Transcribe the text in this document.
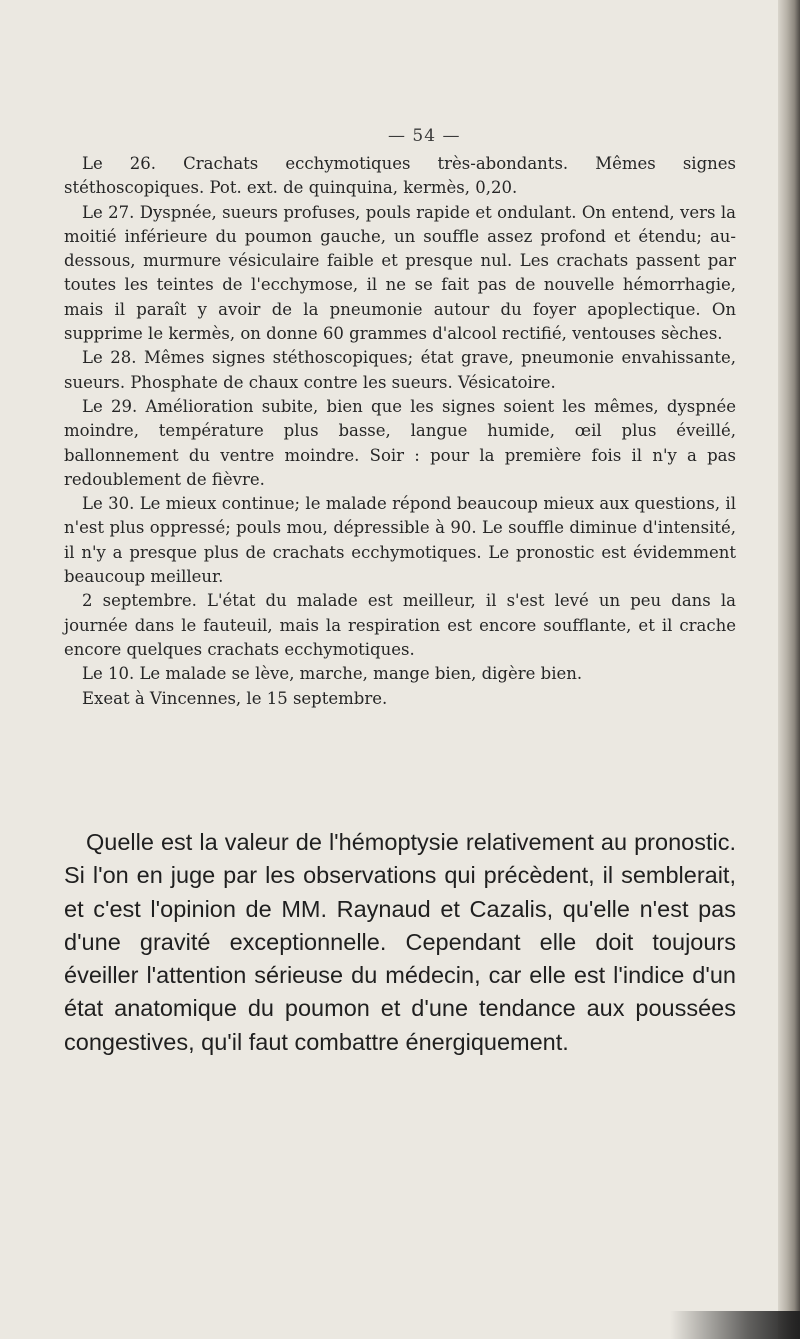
— 54 —

Le 26. Crachats ecchymotiques très-abondants. Mêmes signes stéthoscopiques. Pot. ext. de quinquina, kermès, 0,20.

Le 27. Dyspnée, sueurs profuses, pouls rapide et ondulant. On entend, vers la moitié inférieure du poumon gauche, un souffle assez profond et étendu; au-dessous, murmure vésiculaire faible et presque nul. Les crachats passent par toutes les teintes de l'ecchymose, il ne se fait pas de nouvelle hémorrhagie, mais il paraît y avoir de la pneumonie autour du foyer apoplectique. On supprime le kermès, on donne 60 grammes d'alcool rectifié, ventouses sèches.

Le 28. Mêmes signes stéthoscopiques; état grave, pneumonie envahissante, sueurs. Phosphate de chaux contre les sueurs. Vésicatoire.

Le 29. Amélioration subite, bien que les signes soient les mêmes, dyspnée moindre, température plus basse, langue humide, œil plus éveillé, ballonnement du ventre moindre. Soir : pour la première fois il n'y a pas redoublement de fièvre.

Le 30. Le mieux continue; le malade répond beaucoup mieux aux questions, il n'est plus oppressé; pouls mou, dépressible à 90. Le souffle diminue d'intensité, il n'y a presque plus de crachats ecchymotiques. Le pronostic est évidemment beaucoup meilleur.

2 septembre. L'état du malade est meilleur, il s'est levé un peu dans la journée dans le fauteuil, mais la respiration est encore soufflante, et il crache encore quelques crachats ecchymotiques.

Le 10. Le malade se lève, marche, mange bien, digère bien.

Exeat à Vincennes, le 15 septembre.

Quelle est la valeur de l'hémoptysie relativement au pronostic. Si l'on en juge par les observations qui précèdent, il semblerait, et c'est l'opinion de MM. Raynaud et Cazalis, qu'elle n'est pas d'une gravité exceptionnelle. Cependant elle doit toujours éveiller l'attention sérieuse du médecin, car elle est l'indice d'un état anatomique du poumon et d'une tendance aux poussées congestives, qu'il faut combattre énergiquement.
